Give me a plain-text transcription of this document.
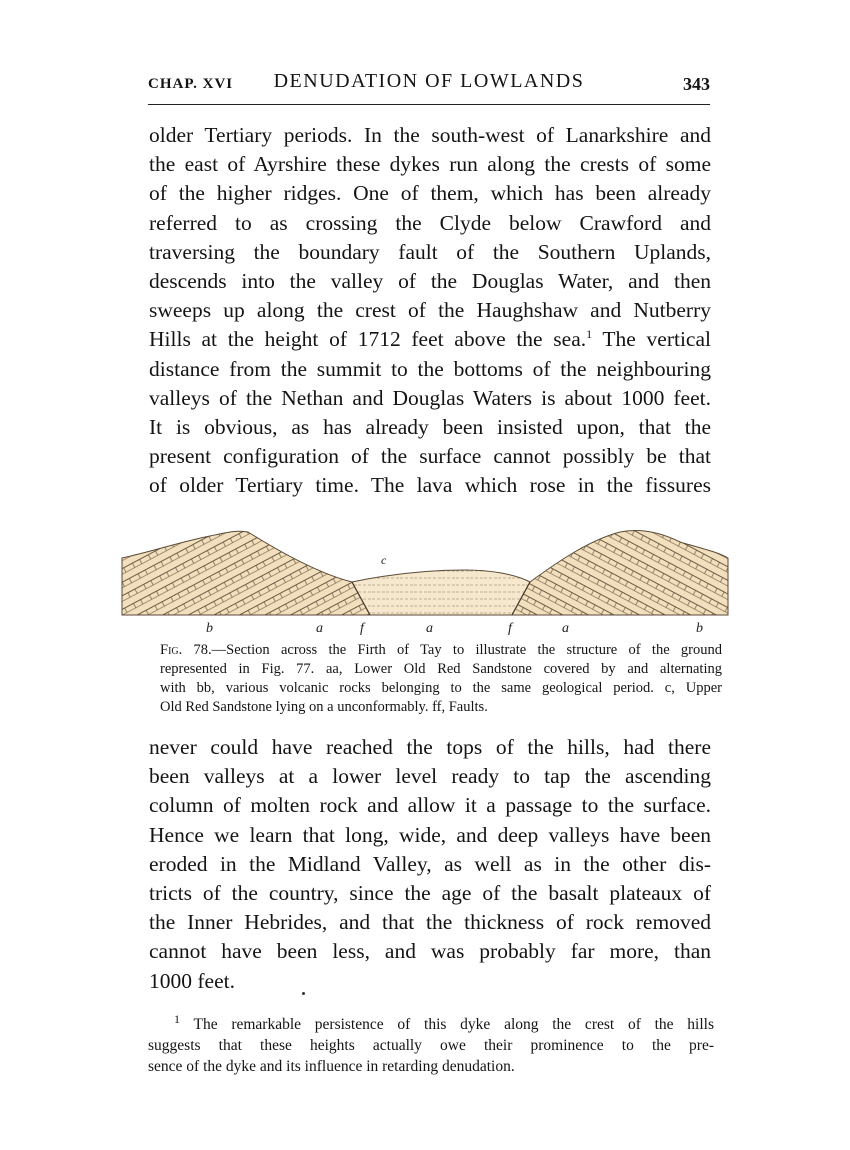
CHAP. XVI	DENUDATION OF LOWLANDS	343
older Tertiary periods. In the south-west of Lanarkshire and
the east of Ayrshire these dykes run along the crests of some
of the higher ridges. One of them, which has been already
referred to as crossing the Clyde below Crawford and
traversing the boundary fault of the Southern Uplands,
descends into the valley of the Douglas Water, and then
sweeps up along the crest of the Haughshaw and Nutberry
Hills at the height of 1712 feet above the sea.$^1$ The vertical
distance from the summit to the bottoms of the neighbouring
valleys of the Nethan and Douglas Waters is about 1000 feet.
It is obvious, as has already been insisted upon, that the
present configuration of the surface cannot possibly be that
of older Tertiary time. The lava which rose in the fissures
b	a	f	a	f	a	b
c
Fig. 78.—Section across the Firth of Tay to illustrate the structure of the ground
represented in Fig. 77. aa, Lower Old Red Sandstone covered by and alternating
with bb, various volcanic rocks belonging to the same geological period. c, Upper
Old Red Sandstone lying on a unconformably. ff, Faults.
never could have reached the tops of the hills, had there
been valleys at a lower level ready to tap the ascending
column of molten rock and allow it a passage to the surface.
Hence we learn that long, wide, and deep valleys have been
eroded in the Midland Valley, as well as in the other dis-
tricts of the country, since the age of the basalt plateaux of
the Inner Hebrides, and that the thickness of rock removed
cannot have been less, and was probably far more, than
1000 feet.
$^1$ The remarkable persistence of this dyke along the crest of the hills
suggests that these heights actually owe their prominence to the pre-
sence of the dyke and its influence in retarding denudation.
